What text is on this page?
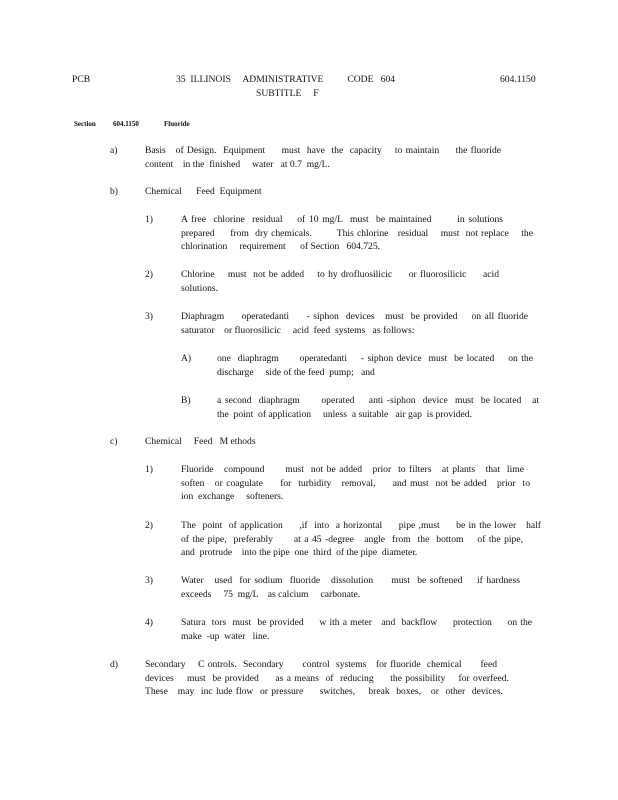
PCB	35  ILLINOIS     ADMINISTRATIVE          CODE   604
SUBTITLE     F
604.1150
Section 604.1150	Fluoride
a)	Basis   of Design.  Equipment     must  have  the  capacity    to maintain     the fluoride
content    in the  finished     water   at 0.7  mg/L.
b)	Chemical      Feed  Equipment
1)	A free  chlorine  residual    of 10 mg/L  must  be maintained       in solutions
prepared     from  dry chemicals.        This chlorine   residual    must  not replace    the
chlorination     requirement      of Section   604.725.
2)	Chlorine    must  not be added    to hy drofluosilicic     or fluorosilicic     acid
solutions.
3)	Diaphragm     operatedanti     - siphon  devices   must  be provided    on all fluoride
saturator    or fluorosilicic     acid  feed  systems   as follows:
A)	one  diaphragm      operatedanti    - siphon device  must  be located    on the
discharge     side of the feed  pump;   and
B)	a second  diaphragm      operated    anti -siphon  device  must  be located   at
the  point  of application     unless  a suitable   air gap  is provided.
c)	Chemical     Feed   M ethods
1)	Fluoride   compound      must  not be added   prior  to filters   at plants   that  lime
soften   or coagulate     for  turbidity   removal,     and must  not be added   prior  to
ion  exchange     softeners.
2)	The  point  of application     ,if  into  a horizontal     pipe ,must     be in the lower   half
of the pipe,  preferably      at a 45 -degree   angle  from  the  bottom    of the pipe,
and  protrude    into the pipe  one  third  of the pipe  diameter.
3)	Water   used  for sodium  fluoride   dissolution     must  be softened    if hardness
exceeds     75  mg/L    as calcium     carbonate.
4)	Satura  tors  must  be provided     w ith a meter   and  backflow     protection     on the
make  -up  water   line.
d)	Secondary    C ontrols.  Secondary      control  systems   for fluoride  chemical      feed
devices    must  be provided     as a means  of  reducing     the possibility    for overfeed.
These   may  inc lude flow  or pressure     switches,    break  boxes,   or  other  devices.
